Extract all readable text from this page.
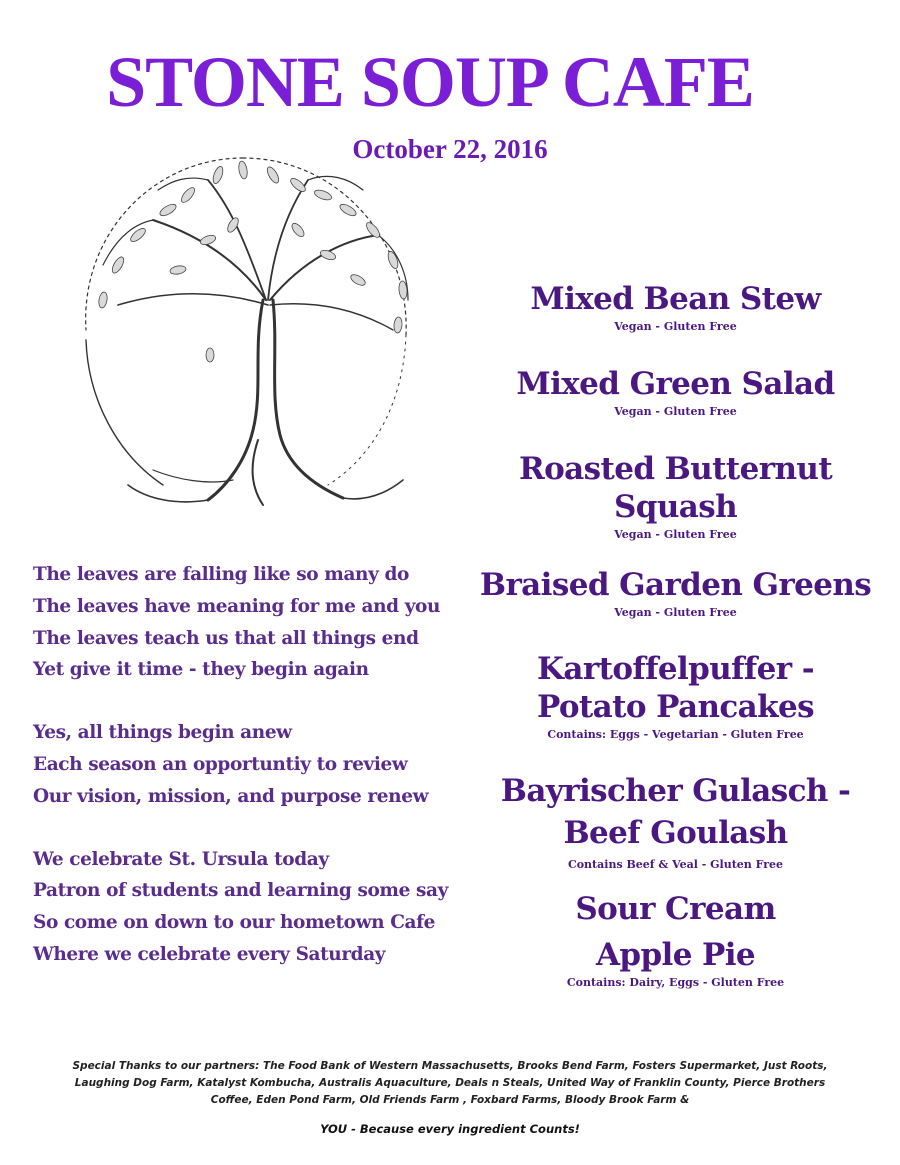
STONE SOUP CAFE
October 22, 2016
The leaves are falling like so many do
The leaves have meaning for me and you
The leaves teach us that all things end
Yet give it time - they begin again
Yes, all things begin anew
Each season an opportuntiy to review
Our vision, mission, and purpose renew
We celebrate St. Ursula today
Patron of students and learning some say
So come on down to our hometown Cafe
Where we celebrate every Saturday
Mixed Bean Stew
Vegan - Gluten Free
Mixed Green Salad
Vegan - Gluten Free
Roasted Butternut
Squash
Vegan - Gluten Free
Braised Garden Greens
Vegan - Gluten Free
Kartoffelpuffer -
Potato Pancakes
Contains: Eggs - Vegetarian - Gluten Free
Bayrischer Gulasch -
Beef Goulash
Contains Beef & Veal - Gluten Free
Sour Cream
Apple Pie
Contains: Dairy, Eggs - Gluten Free
Special Thanks to our partners: The Food Bank of Western Massachusetts, Brooks Bend Farm, Fosters Supermarket, Just Roots, Laughing Dog Farm, Katalyst Kombucha, Australis Aquaculture, Deals n Steals, United Way of Franklin County, Pierce Brothers Coffee, Eden Pond Farm, Old Friends Farm , Foxbard Farms, Bloody Brook Farm &
YOU - Because every ingredient Counts!
